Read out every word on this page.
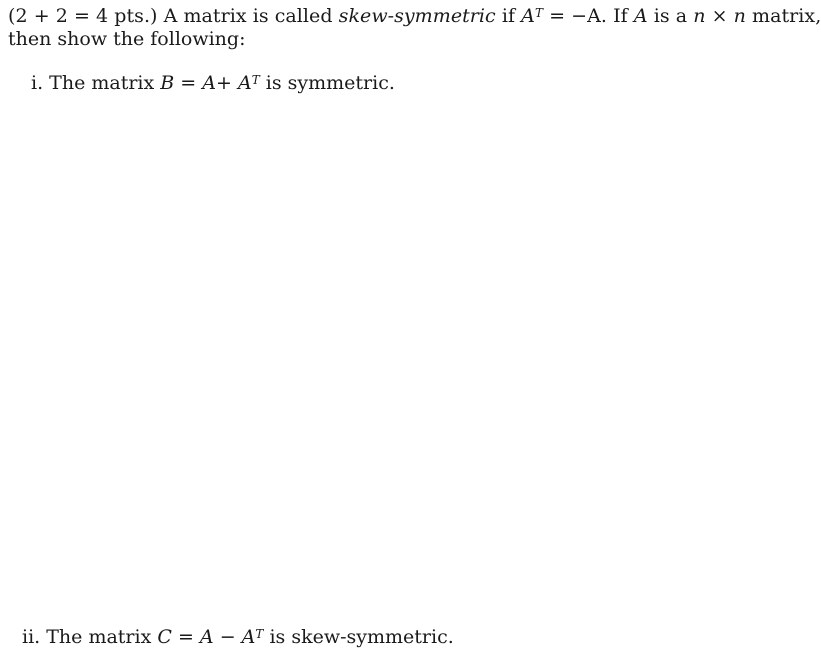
(2 + 2 = 4 pts.) A matrix is called skew-symmetric if $A^T = -A$. If A is a n × n matrix,
then show the following:
i. The matrix $B = A+ A^T$ is symmetric.
ii. The matrix $C = A - A^T$ is skew-symmetric.
